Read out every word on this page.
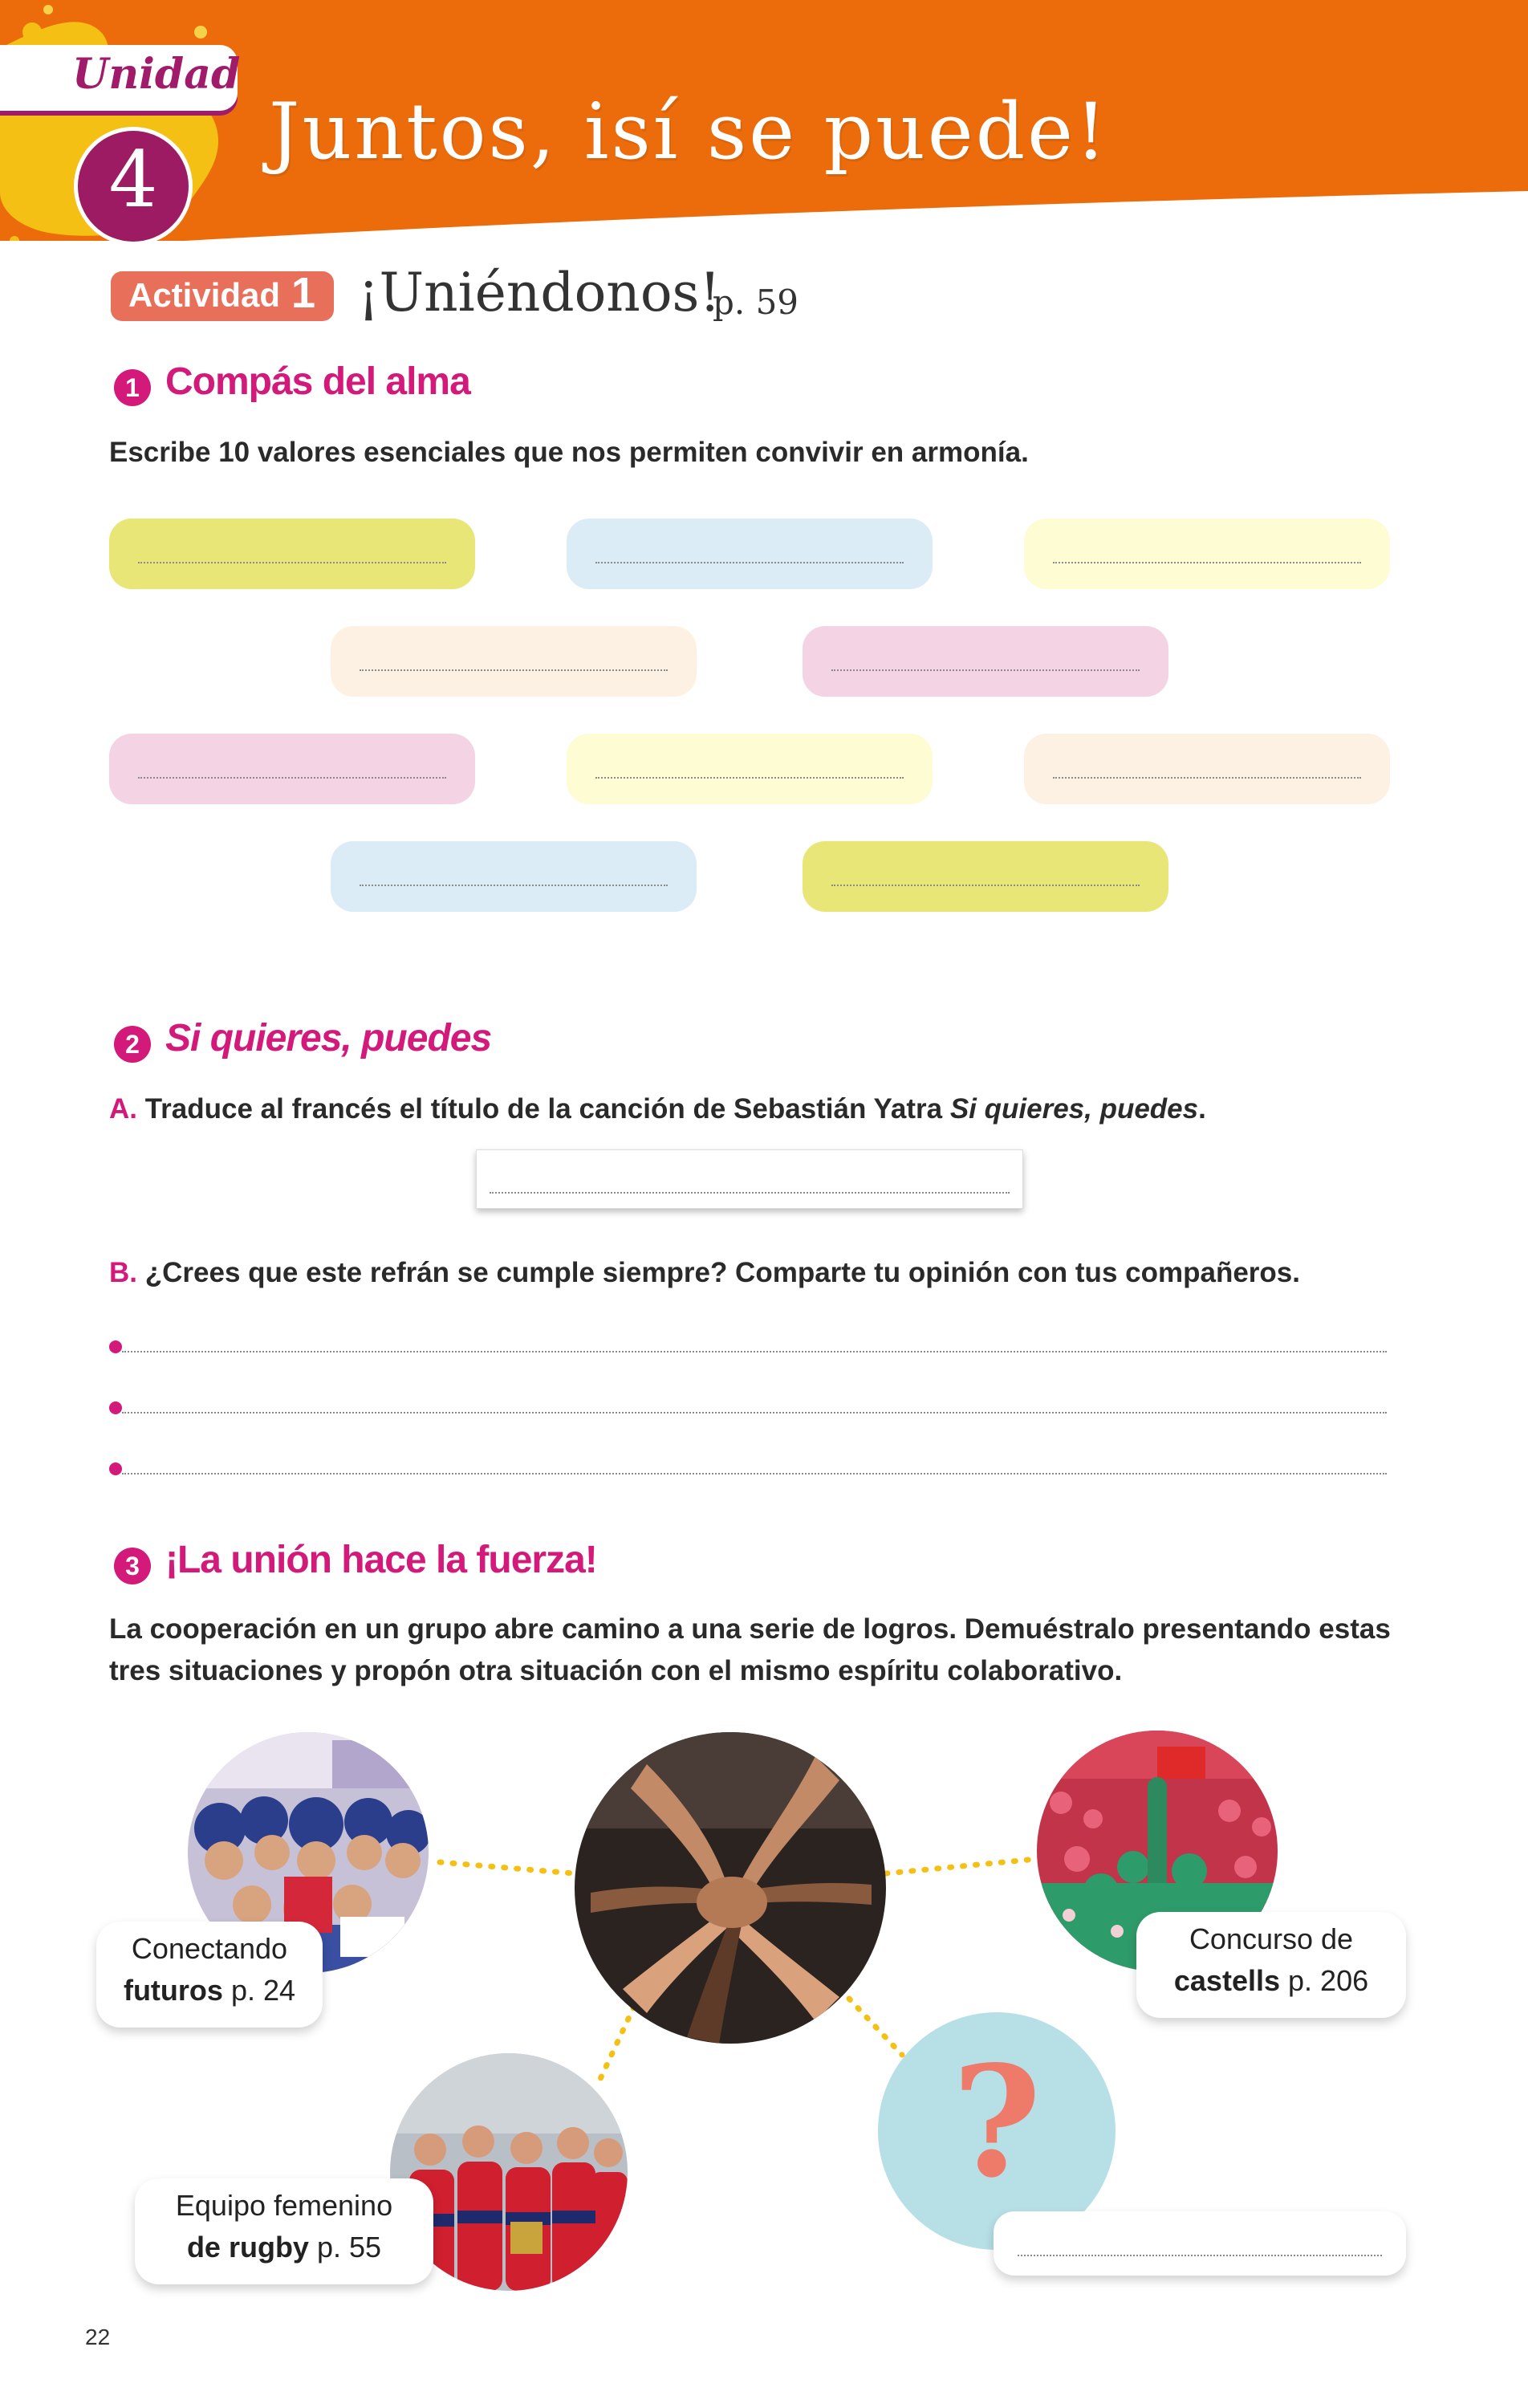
Unidad
4
Juntos, isí se puede!
Actividad 1 ¡Uniéndonos!
p. 59
1 Compás del alma
Escribe 10 valores esenciales que nos permiten convivir en armonía.
2 Si quieres, puedes
A. Traduce al francés el título de la canción de Sebastián Yatra Si quieres, puedes.
B. ¿Crees que este refrán se cumple siempre? Comparte tu opinión con tus compañeros.
3 ¡La unión hace la fuerza!
La cooperación en un grupo abre camino a una serie de logros. Demuéstralo presentando estas
tres situaciones y propón otra situación con el mismo espíritu colaborativo.
?
Conectando
futuros p. 24
Concurso de
castells p. 206
Equipo femenino
de rugby p. 55
22
